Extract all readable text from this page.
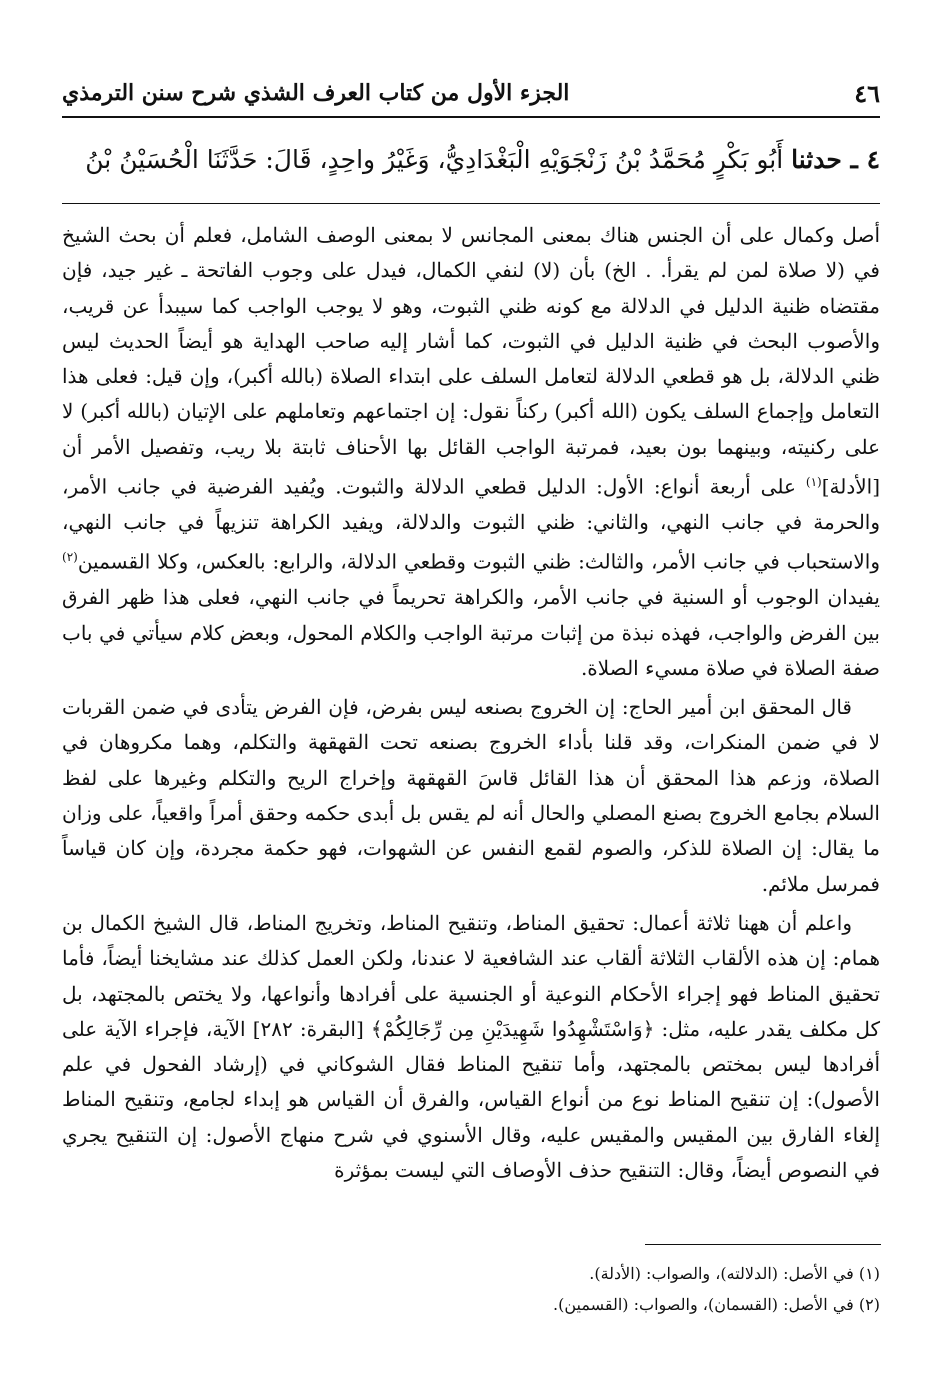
٤٦
الجزء الأول من كتاب العرف الشذي شرح سنن الترمذي
٤ ـ حدثنا أَبُو بَكْرٍ مُحَمَّدُ بْنُ زَنْجَوَيْهِ الْبَغْدَادِيُّ، وَغَيْرُ واحِدٍ، قَالَ: حَدَّثَنَا الْحُسَيْنُ بْنُ

أصل وكمال على أن الجنس هناك بمعنى المجانس لا بمعنى الوصف الشامل، فعلم أن بحث الشيخ في (لا صلاة لمن لم يقرأ. . الخ) بأن (لا) لنفي الكمال، فيدل على وجوب الفاتحة ـ غير جيد، فإن مقتضاه ظنية الدليل في الدلالة مع كونه ظني الثبوت، وهو لا يوجب الواجب كما سيبدأ عن قريب، والأصوب البحث في ظنية الدليل في الثبوت، كما أشار إليه صاحب الهداية هو أيضاً الحديث ليس ظني الدلالة، بل هو قطعي الدلالة لتعامل السلف على ابتداء الصلاة (بالله أكبر)، وإن قيل: فعلى هذا التعامل وإجماع السلف يكون (الله أكبر) ركناً نقول: إن اجتماعهم وتعاملهم على الإتيان (بالله أكبر) لا على ركنيته، وبينهما بون بعيد، فمرتبة الواجب القائل بها الأحناف ثابتة بلا ريب، وتفصيل الأمر أن [الأدلة]$^{(١)}$ على أربعة أنواع: الأول: الدليل قطعي الدلالة والثبوت. ويُفيد الفرضية في جانب الأمر، والحرمة في جانب النهي، والثاني: ظني الثبوت والدلالة، ويفيد الكراهة تنزيهاً في جانب النهي، والاستحباب في جانب الأمر، والثالث: ظني الثبوت وقطعي الدلالة، والرابع: بالعكس، وكلا القسمين$^{(٢)}$ يفيدان الوجوب أو السنية في جانب الأمر، والكراهة تحريماً في جانب النهي، فعلى هذا ظهر الفرق بين الفرض والواجب، فهذه نبذة من إثبات مرتبة الواجب والكلام المحول، وبعض كلام سيأتي في باب صفة الصلاة في صلاة مسيء الصلاة.

قال المحقق ابن أمير الحاج: إن الخروج بصنعه ليس بفرض، فإن الفرض يتأدى في ضمن القربات لا في ضمن المنكرات، وقد قلنا بأداء الخروج بصنعه تحت القهقهة والتكلم، وهما مكروهان في الصلاة، وزعم هذا المحقق أن هذا القائل قاسَ القهقهة وإخراج الريح والتكلم وغيرها على لفظ السلام بجامع الخروج بصنع المصلي والحال أنه لم يقس بل أبدى حكمه وحقق أمراً واقعياً، على وزان ما يقال: إن الصلاة للذكر، والصوم لقمع النفس عن الشهوات، فهو حكمة مجردة، وإن كان قياساً فمرسل ملائم.

واعلم أن ههنا ثلاثة أعمال: تحقيق المناط، وتنقيح المناط، وتخريج المناط، قال الشيخ الكمال بن همام: إن هذه الألقاب الثلاثة ألقاب عند الشافعية لا عندنا، ولكن العمل كذلك عند مشايخنا أيضاً، فأما تحقيق المناط فهو إجراء الأحكام النوعية أو الجنسية على أفرادها وأنواعها، ولا يختص بالمجتهد، بل كل مكلف يقدر عليه، مثل: ﴿وَاسْتَشْهِدُوا شَهِيدَيْنِ مِن رِّجَالِكُمْ﴾ [البقرة: ٢٨٢] الآية، فإجراء الآية على أفرادها ليس بمختص بالمجتهد، وأما تنقيح المناط فقال الشوكاني في (إرشاد الفحول في علم الأصول): إن تنقيح المناط نوع من أنواع القياس، والفرق أن القياس هو إبداء لجامع، وتنقيح المناط إلغاء الفارق بين المقيس والمقيس عليه، وقال الأسنوي في شرح منهاج الأصول: إن التنقيح يجري في النصوص أيضاً، وقال: التنقيح حذف الأوصاف التي ليست بمؤثرة

(١) في الأصل: (الدلالته)، والصواب: (الأدلة).
(٢) في الأصل: (القسمان)، والصواب: (القسمين).
